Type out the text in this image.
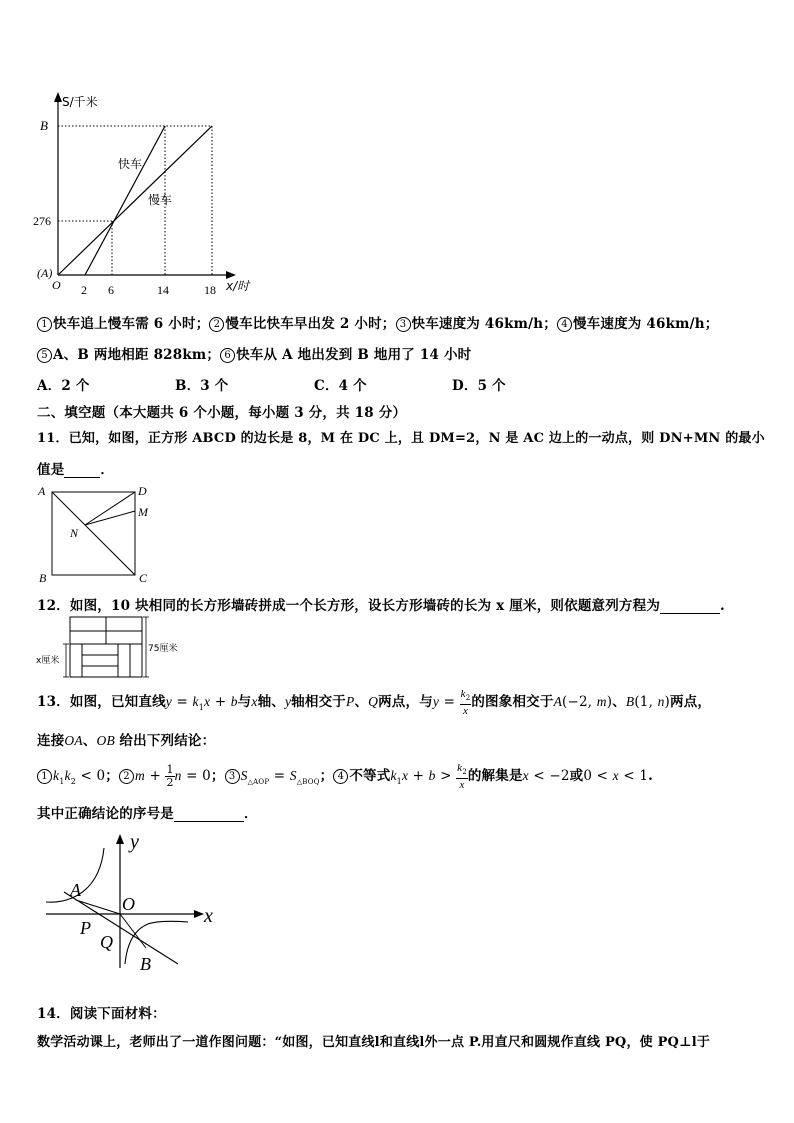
S/千米
B
276
(A)
O 2 6	14	18 x/时
快车
慢车
1 快车追上慢车需 6 小时； 2 慢车比快车早出发 2 小时； 3 快车速度为 46km/h； 4 慢车速度为 46km/h；
5 A、B 两地相距 828km； 6 快车从 A 地出发到 B 地用了 14 小时
A．2 个	B．3 个	C．4 个	D．5 个
二、填空题（本大题共 6 个小题，每小题 3 分，共 18 分）
11．已知，如图，正方形 ABCD 的边长是 8，M 在 DC 上，且 DM=2，N 是 AC 边上的一动点，则 DN+MN 的最小
值是	．
A	D
M
N
B	C
12．如图，10 块相同的长方形墙砖拼成一个长方形，设长方形墙砖的长为 x 厘米，则依题意列方程为	.
x厘米
75厘米
13．如图，已知直线$y = k_1x + b$与x轴、y轴相交于P、Q两点，与$y = \frac{k_2}{x}$ 的图象相交于A(−2, m)、B(1, n)两点，
连接OA、OB 给出下列结论：
1 $k_1k_2 < 0$； 2 $m + \frac{1}{2}$ n = 0； 3 $S_{\triangle AOP} = S_{\triangle BOQ}$； 4 不等式$k_1x + b > \frac{k_2}{x}$ 的解集是x < −2或0 < x < 1.
其中正确结论的序号是	．
y
x
O
A
P
Q
B
14．阅读下面材料：
数学活动课上，老师出了一道作图问题：“如图，已知直线l和直线l外一点 P.用直尺和圆规作直线 PQ，使 PQ⊥l于
